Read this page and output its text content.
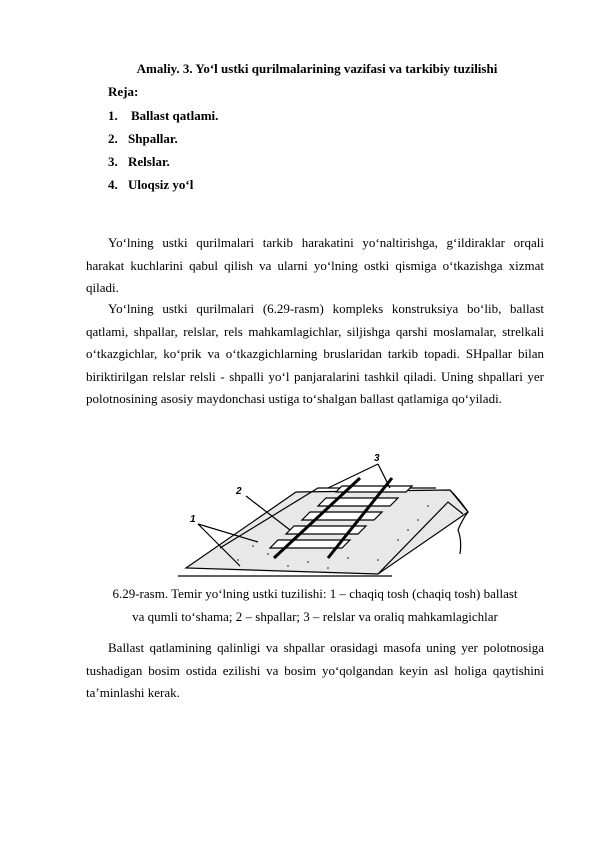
Amaliy. 3. Yo‘l ustki qurilmalarining vazifasi va tarkibiy tuzilishi
Reja:
1. Ballast qatlami.
2. Shpallar.
3. Relslar.
4. Uloqsiz yo‘l

Yo‘lning ustki qurilmalari tarkib harakatini yo‘naltirishga, g‘ildiraklar orqali harakat kuchlarini qabul qilish va ularni yo‘lning ostki qismiga o‘tkazishga xizmat qiladi.

Yo‘lning ustki qurilmalari (6.29-rasm) kompleks konstruksiya bo‘lib, ballast qatlami, shpallar, relslar, rels mahkamlagichlar, siljishga qarshi moslamalar, strelkali o‘tkazgichlar, ko‘prik va o‘tkazgichlarning bruslaridan tarkib topadi. SHpallar bilan biriktirilgan relslar relsli - shpalli yo‘l panjaralarini tashkil qiladi. Uning shpallari yer polotnosining asosiy maydonchasi ustiga to‘shalgan ballast qatlamiga qo‘yiladi.

3
2
1
6.29-rasm. Temir yo‘lning ustki tuzilishi: 1 – chaqiq tosh (chaqiq tosh) ballast
va qumli to‘shama; 2 – shpallar; 3 – relslar va oraliq mahkamlagichlar

Ballast qatlamining qalinligi va shpallar orasidagi masofa uning yer polotnosiga tushadigan bosim ostida ezilishi va bosim yo‘qolgandan keyin asl holiga qaytishini ta’minlashi kerak.
